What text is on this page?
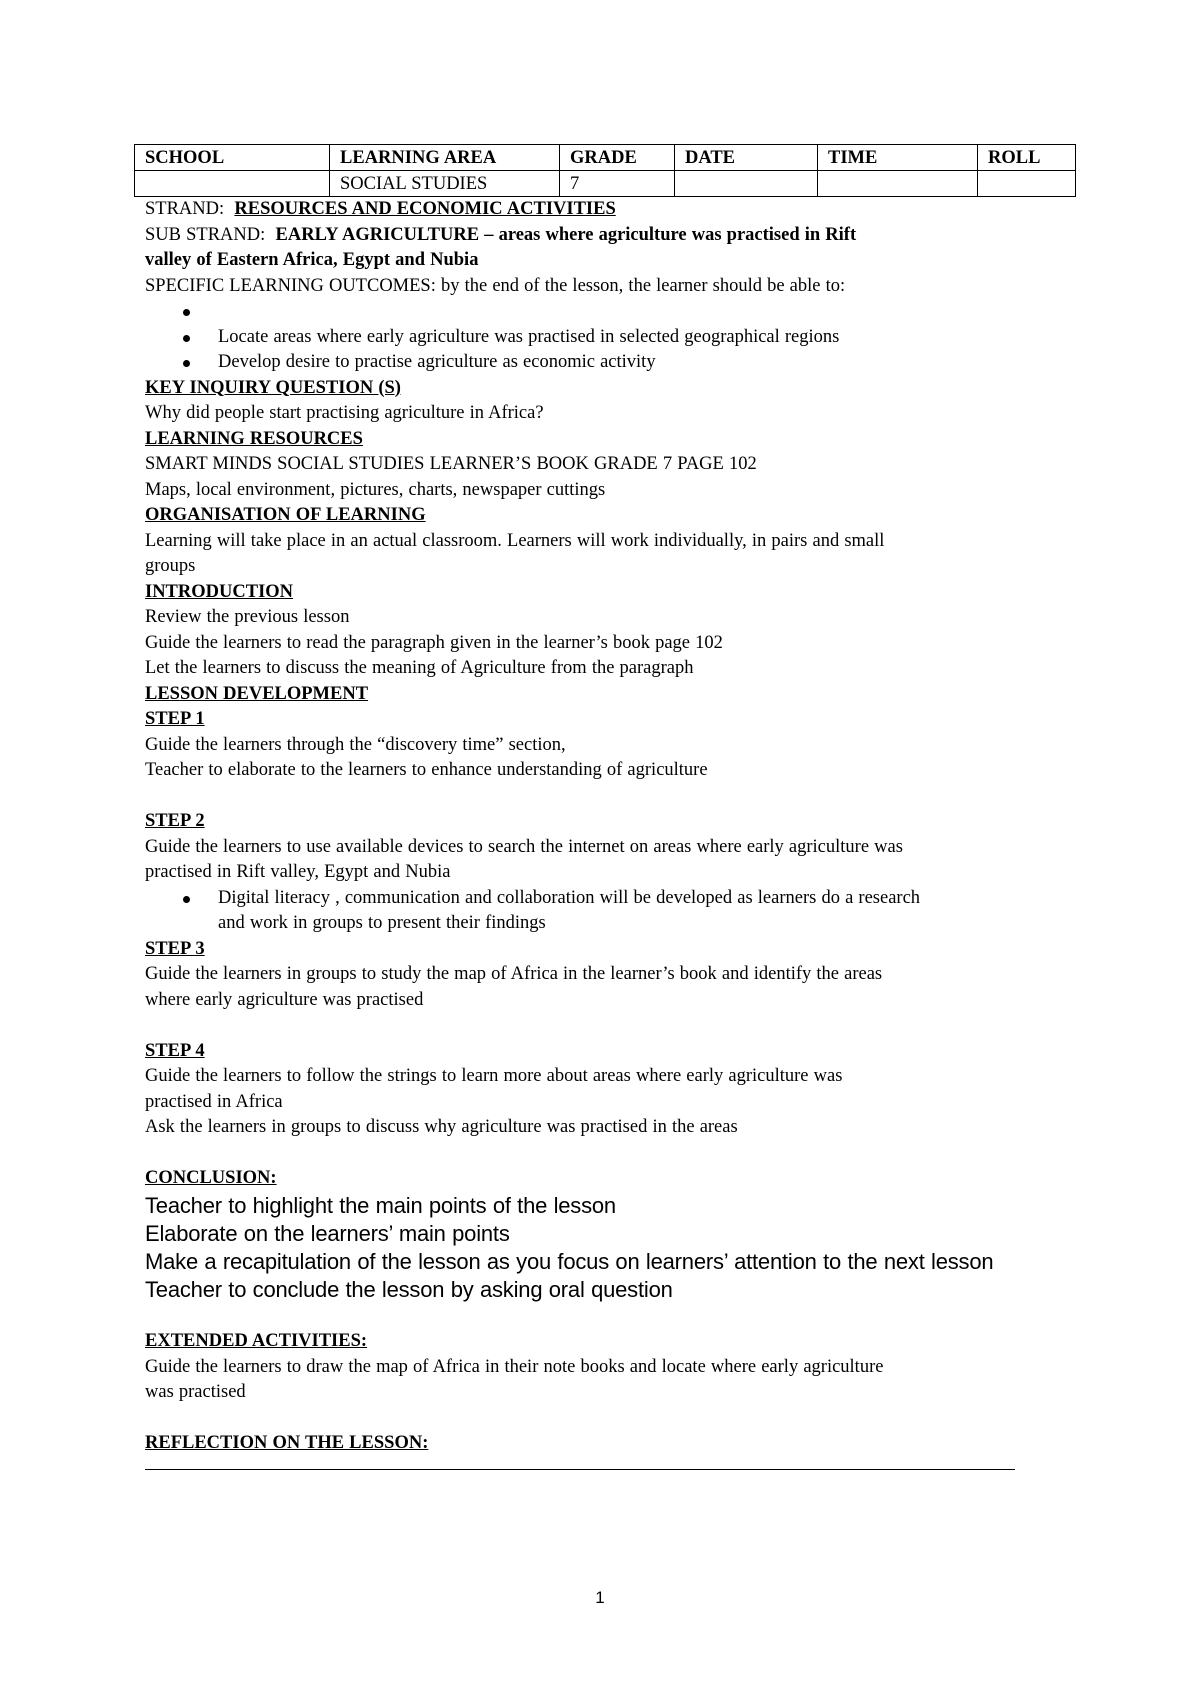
SCHOOL	LEARNING AREA	GRADE	DATE	TIME	ROLL
	SOCIAL STUDIES	7			
STRAND: RESOURCES AND ECONOMIC ACTIVITIES
SUB STRAND: EARLY AGRICULTURE – areas where agriculture was practised in Rift
valley of Eastern Africa, Egypt and Nubia
SPECIFIC LEARNING OUTCOMES: by the end of the lesson, the learner should be able to:

Locate areas where early agriculture was practised in selected geographical regions
Develop desire to practise agriculture as economic activity
KEY INQUIRY QUESTION (S)
Why did people start practising agriculture in Africa?
LEARNING RESOURCES
SMART MINDS SOCIAL STUDIES LEARNER’S BOOK GRADE 7 PAGE 102
Maps, local environment, pictures, charts, newspaper cuttings
ORGANISATION OF LEARNING
Learning will take place in an actual classroom. Learners will work individually, in pairs and small
groups
INTRODUCTION
Review the previous lesson
Guide the learners to read the paragraph given in the learner’s book page 102
Let the learners to discuss the meaning of Agriculture from the paragraph
LESSON DEVELOPMENT
STEP 1
Guide the learners through the “discovery time” section,
Teacher to elaborate to the learners to enhance understanding of agriculture
STEP 2
Guide the learners to use available devices to search the internet on areas where early agriculture was
practised in Rift valley, Egypt and Nubia
Digital literacy , communication and collaboration will be developed as learners do a research
and work in groups to present their findings
STEP 3
Guide the learners in groups to study the map of Africa in the learner’s book and identify the areas
where early agriculture was practised
STEP 4
Guide the learners to follow the strings to learn more about areas where early agriculture was
practised in Africa
Ask the learners in groups to discuss why agriculture was practised in the areas
CONCLUSION:
Teacher to highlight the main points of the lesson
Elaborate on the learners’ main points
Make a recapitulation of the lesson as you focus on learners’ attention to the next lesson
Teacher to conclude the lesson by asking oral question
EXTENDED ACTIVITIES:
Guide the learners to draw the map of Africa in their note books and locate where early agriculture
was practised
REFLECTION ON THE LESSON:
1
